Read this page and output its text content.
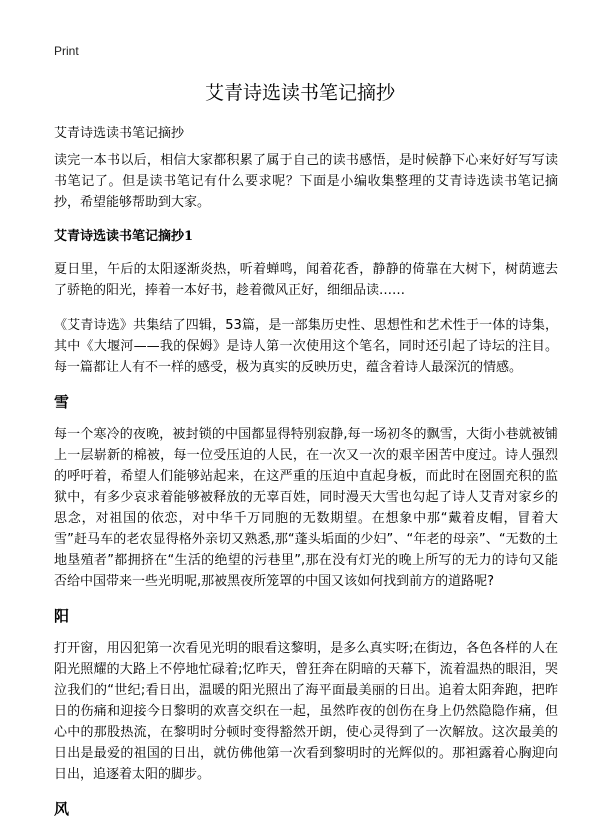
Print
艾青诗选读书笔记摘抄
艾青诗选读书笔记摘抄

读完一本书以后，相信大家都积累了属于自己的读书感悟，是时候静下心来好好写写读书笔记了。但是读书笔记有什么要求呢？下面是小编收集整理的艾青诗选读书笔记摘抄，希望能够帮助到大家。

艾青诗选读书笔记摘抄1

夏日里，午后的太阳逐渐炎热，听着蝉鸣，闻着花香，静静的倚靠在大树下，树荫遮去了骄艳的阳光，捧着一本好书，趁着微风正好，细细品读……

《艾青诗选》共集结了四辑，53篇，是一部集历史性、思想性和艺术性于一体的诗集，其中《大堰河——我的保姆》是诗人第一次使用这个笔名，同时还引起了诗坛的注目。每一篇都让人有不一样的感受，极为真实的反映历史，蕴含着诗人最深沉的情感。

雪

每一个寒冷的夜晚，被封锁的中国都显得特别寂静,每一场初冬的飘雪，大街小巷就被铺上一层崭新的棉被，每一位受压迫的人民，在一次又一次的艰辛困苦中度过。诗人强烈的呼吁着，希望人们能够站起来，在这严重的压迫中直起身板，而此时在囹圄充积的监狱中，有多少哀求着能够被释放的无辜百姓，同时漫天大雪也勾起了诗人艾青对家乡的思念，对祖国的依恋，对中华千万同胞的无数期望。在想象中那“戴着皮帽，冒着大雪”赶马车的老农显得格外亲切又熟悉,那“蓬头垢面的少妇”、“年老的母亲”、“无数的土地垦殖者”都拥挤在“生活的绝望的污巷里”,那在没有灯光的晚上所写的无力的诗句又能否给中国带来一些光明呢,那被黑夜所笼罩的中国又该如何找到前方的道路呢?

阳

打开窗，用囚犯第一次看见光明的眼看这黎明，是多么真实呀;在街边，各色各样的人在阳光照耀的大路上不停地忙碌着;忆昨天，曾狂奔在阴暗的天幕下，流着温热的眼泪，哭泣我们的“世纪;看日出，温暖的阳光照出了海平面最美丽的日出。追着太阳奔跑，把昨日的伤痛和迎接今日黎明的欢喜交织在一起，虽然昨夜的创伤在身上仍然隐隐作痛，但心中的那股热流，在黎明时分顿时变得豁然开朗，使心灵得到了一次解放。这次最美的日出是最爱的祖国的日出，就仿佛他第一次看到黎明时的光辉似的。那袒露着心胸迎向日出，追逐着太阳的脚步。

风
